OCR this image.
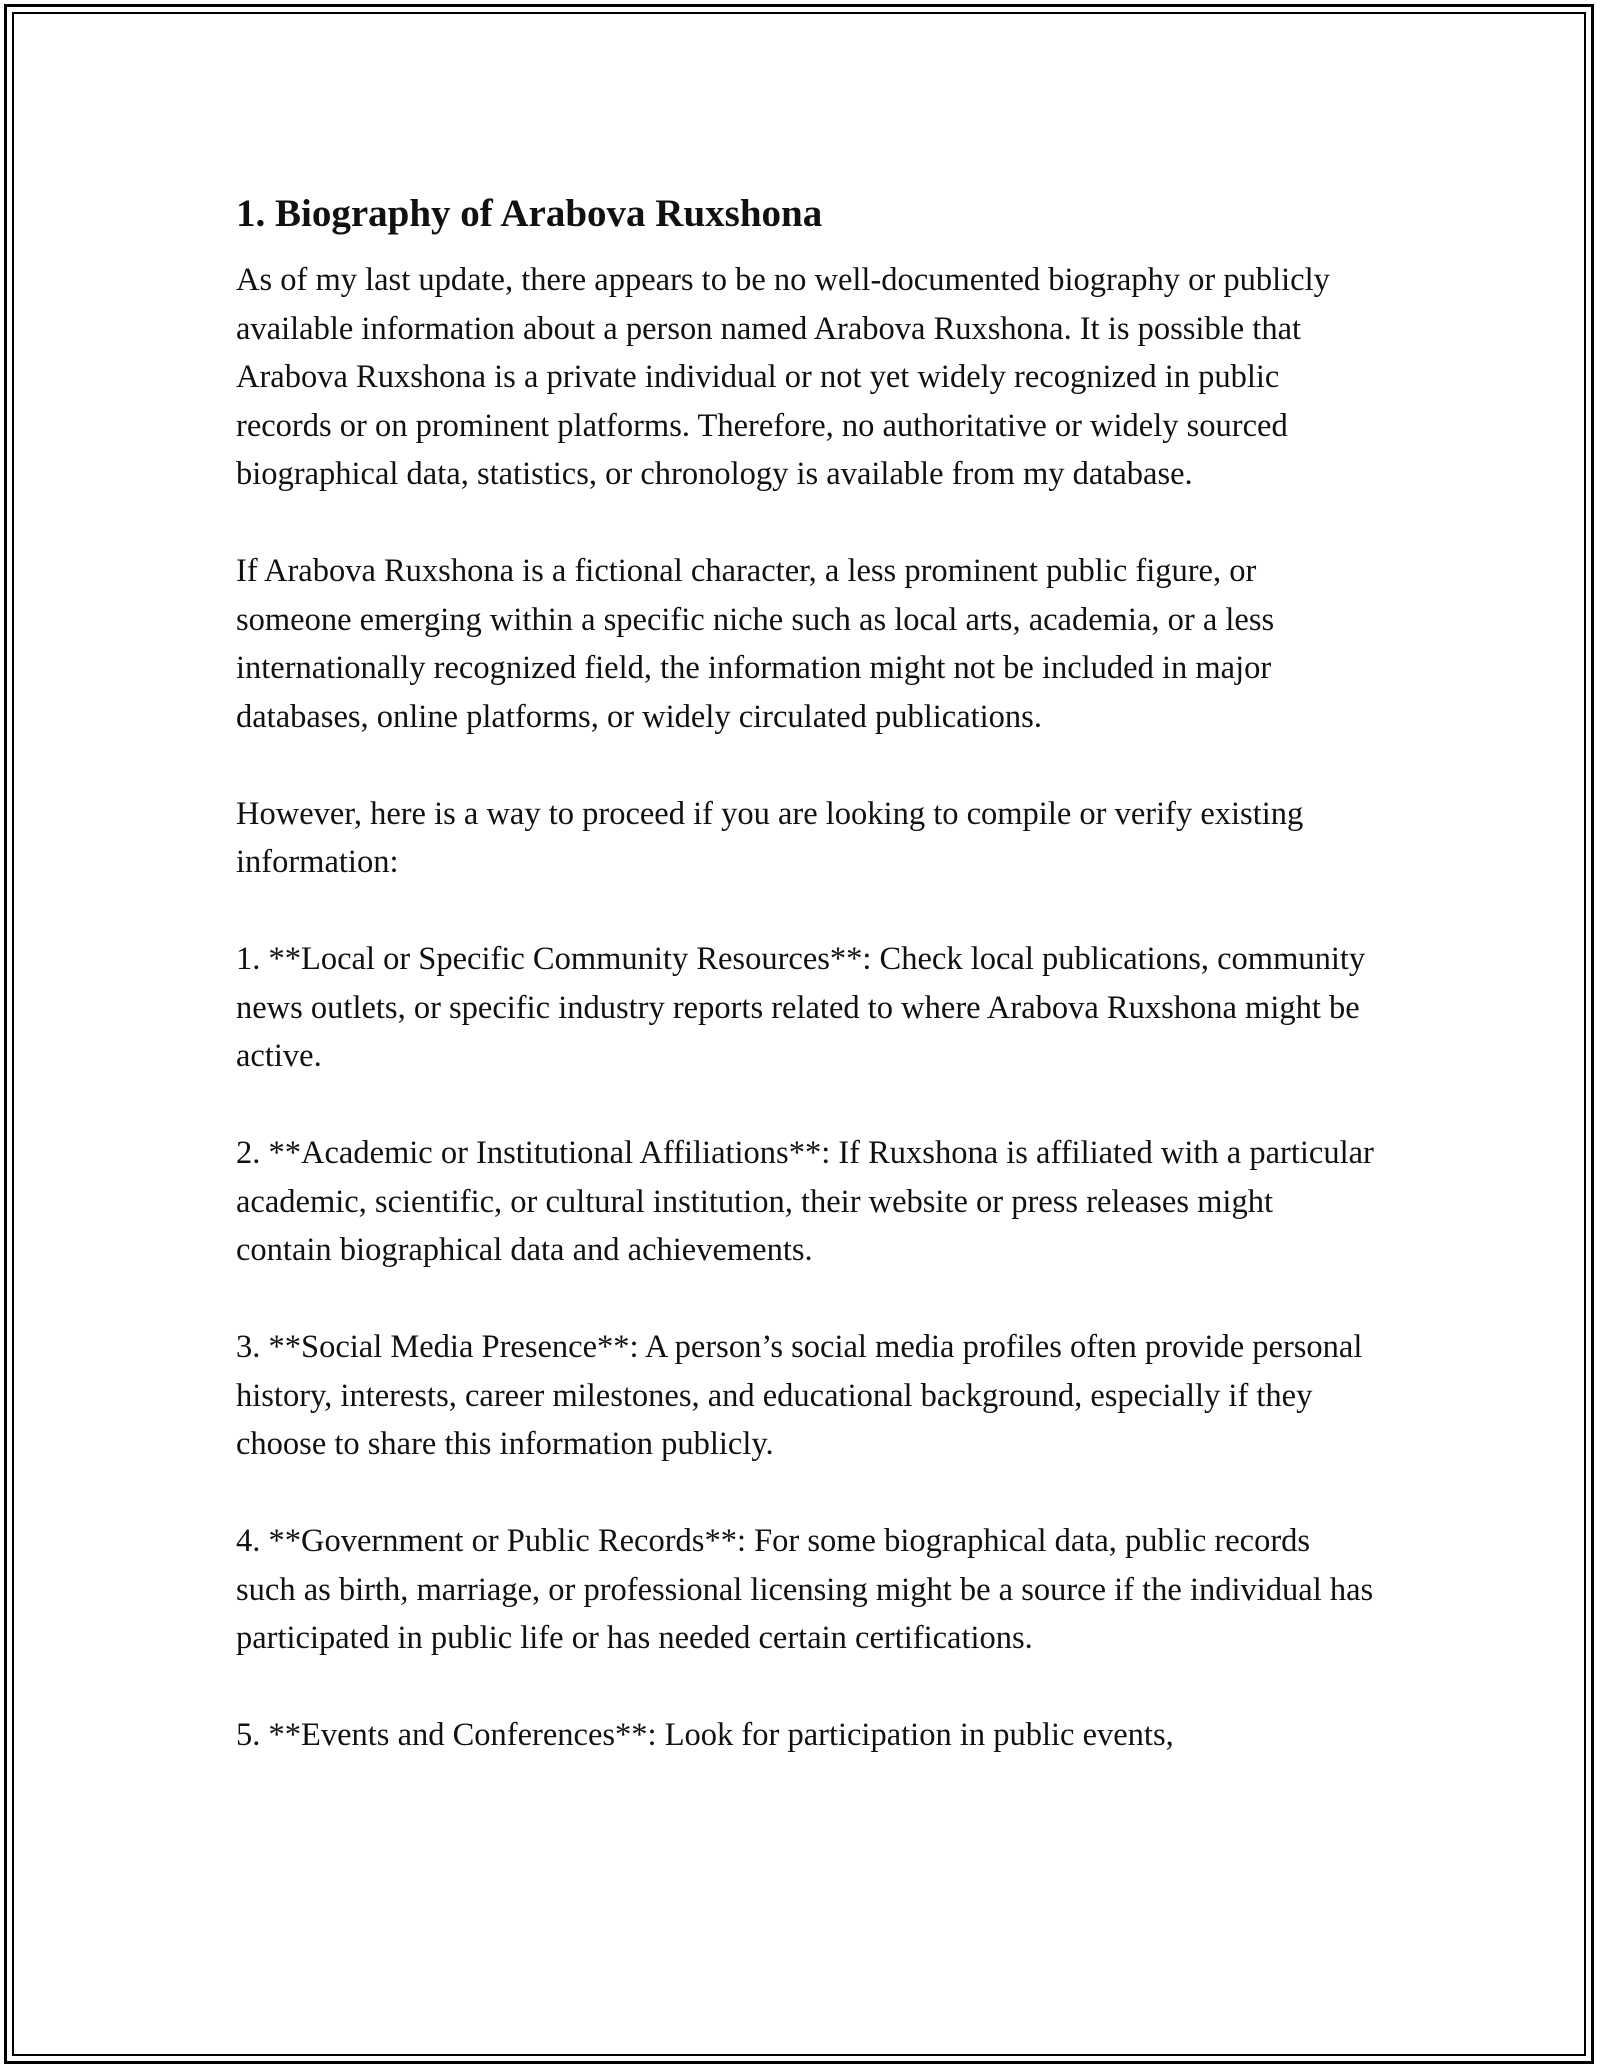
1. Biography of Arabova Ruxshona

As of my last update, there appears to be no well-documented biography or publicly available information about a person named Arabova Ruxshona. It is possible that Arabova Ruxshona is a private individual or not yet widely recognized in public records or on prominent platforms. Therefore, no authoritative or widely sourced biographical data, statistics, or chronology is available from my database.

If Arabova Ruxshona is a fictional character, a less prominent public figure, or someone emerging within a specific niche such as local arts, academia, or a less internationally recognized field, the information might not be included in major databases, online platforms, or widely circulated publications.

However, here is a way to proceed if you are looking to compile or verify existing information:

1. **Local or Specific Community Resources**: Check local publications, community news outlets, or specific industry reports related to where Arabova Ruxshona might be active.

2. **Academic or Institutional Affiliations**: If Ruxshona is affiliated with a particular academic, scientific, or cultural institution, their website or press releases might contain biographical data and achievements.

3. **Social Media Presence**: A person’s social media profiles often provide personal history, interests, career milestones, and educational background, especially if they choose to share this information publicly.

4. **Government or Public Records**: For some biographical data, public records such as birth, marriage, or professional licensing might be a source if the individual has participated in public life or has needed certain certifications.

5. **Events and Conferences**: Look for participation in public events,
